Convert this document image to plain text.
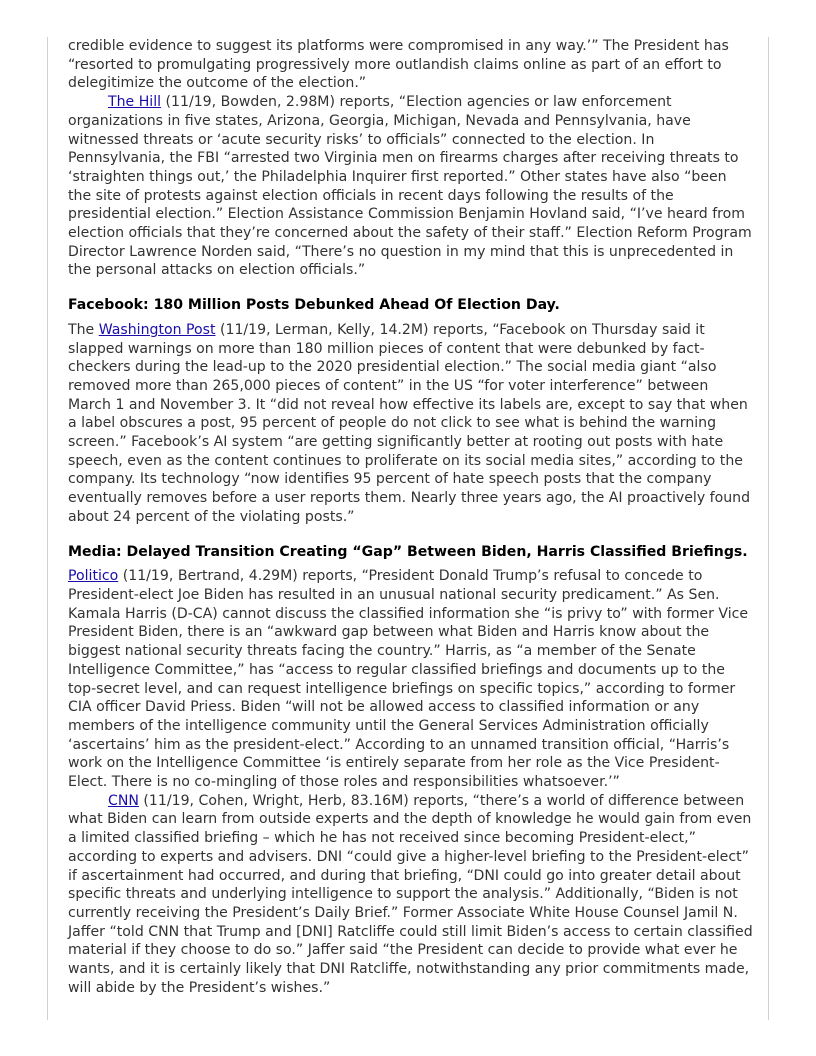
credible evidence to suggest its platforms were compromised in any way.’” The President has “resorted to promulgating progressively more outlandish claims online as part of an effort to delegitimize the outcome of the election.”

The Hill (11/19, Bowden, 2.98M) reports, “Election agencies or law enforcement organizations in five states, Arizona, Georgia, Michigan, Nevada and Pennsylvania, have witnessed threats or ‘acute security risks’ to officials” connected to the election. In Pennsylvania, the FBI “arrested two Virginia men on firearms charges after receiving threats to ‘straighten things out,’ the Philadelphia Inquirer first reported.” Other states have also “been the site of protests against election officials in recent days following the results of the presidential election.” Election Assistance Commission Benjamin Hovland said, “I’ve heard from election officials that they’re concerned about the safety of their staff.” Election Reform Program Director Lawrence Norden said, “There’s no question in my mind that this is unprecedented in the personal attacks on election officials.”

Facebook: 180 Million Posts Debunked Ahead Of Election Day.

The Washington Post (11/19, Lerman, Kelly, 14.2M) reports, “Facebook on Thursday said it slapped warnings on more than 180 million pieces of content that were debunked by fact-checkers during the lead-up to the 2020 presidential election.” The social media giant “also removed more than 265,000 pieces of content” in the US “for voter interference” between March 1 and November 3. It “did not reveal how effective its labels are, except to say that when a label obscures a post, 95 percent of people do not click to see what is behind the warning screen.” Facebook’s AI system “are getting significantly better at rooting out posts with hate speech, even as the content continues to proliferate on its social media sites,” according to the company. Its technology “now identifies 95 percent of hate speech posts that the company eventually removes before a user reports them. Nearly three years ago, the AI proactively found about 24 percent of the violating posts.”

Media: Delayed Transition Creating “Gap” Between Biden, Harris Classified Briefings.

Politico (11/19, Bertrand, 4.29M) reports, “President Donald Trump’s refusal to concede to President-elect Joe Biden has resulted in an unusual national security predicament.” As Sen. Kamala Harris (D-CA) cannot discuss the classified information she “is privy to” with former Vice President Biden, there is an “awkward gap between what Biden and Harris know about the biggest national security threats facing the country.” Harris, as “a member of the Senate Intelligence Committee,” has “access to regular classified briefings and documents up to the top-secret level, and can request intelligence briefings on specific topics,” according to former CIA officer David Priess. Biden “will not be allowed access to classified information or any members of the intelligence community until the General Services Administration officially ‘ascertains’ him as the president-elect.” According to an unnamed transition official, “Harris’s work on the Intelligence Committee ‘is entirely separate from her role as the Vice President-Elect. There is no co-mingling of those roles and responsibilities whatsoever.’”

CNN (11/19, Cohen, Wright, Herb, 83.16M) reports, “there’s a world of difference between what Biden can learn from outside experts and the depth of knowledge he would gain from even a limited classified briefing – which he has not received since becoming President-elect,” according to experts and advisers. DNI “could give a higher-level briefing to the President-elect” if ascertainment had occurred, and during that briefing, “DNI could go into greater detail about specific threats and underlying intelligence to support the analysis.” Additionally, “Biden is not currently receiving the President’s Daily Brief.” Former Associate White House Counsel Jamil N. Jaffer “told CNN that Trump and [DNI] Ratcliffe could still limit Biden’s access to certain classified material if they choose to do so.” Jaffer said “the President can decide to provide what ever he wants, and it is certainly likely that DNI Ratcliffe, notwithstanding any prior commitments made, will abide by the President’s wishes.”
